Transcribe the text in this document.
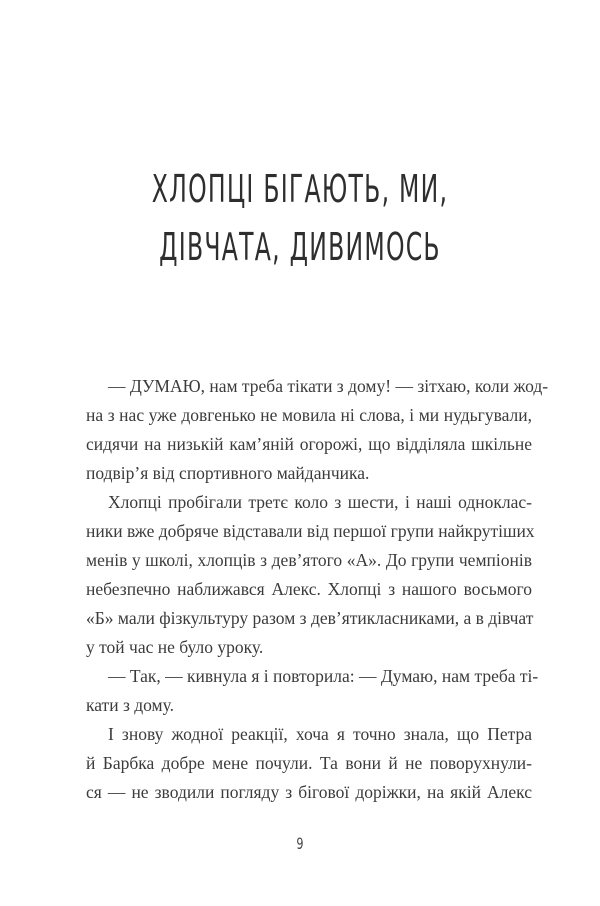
ХЛОПЦІ БІГАЮТЬ, МИ,
ДІВЧАТА, ДИВИМОСЬ
— ДУМАЮ, нам треба тікати з дому! — зітхаю, коли жод-
на з нас уже довгенько не мовила ні слова, і ми нудьгували,
сидячи на низькій кам’яній огорожі, що відділяла шкільне
подвір’я від спортивного майданчика.
Хлопці пробігали третє коло з шести, і наші однoклас-
ники вже добряче відставали від першої групи найкрутіших
менів у школі, хлопців з дев’ятого «А». До групи чемпіонів
небезпечно наближався Алекс. Хлопці з нашого восьмого
«Б» мали фізкультуру разом з дев’ятикласниками, а в дівчат
у той час не було уроку.
— Так, — кивнула я і повторила: — Думаю, нам треба ті-
кати з дому.
І знову жодної реакції, хоча я точно знала, що Петра
й Барбка добре мене почули. Та вони й не поворухнули-
ся — не зводили погляду з бігової доріжки, на якій Алекс
9
